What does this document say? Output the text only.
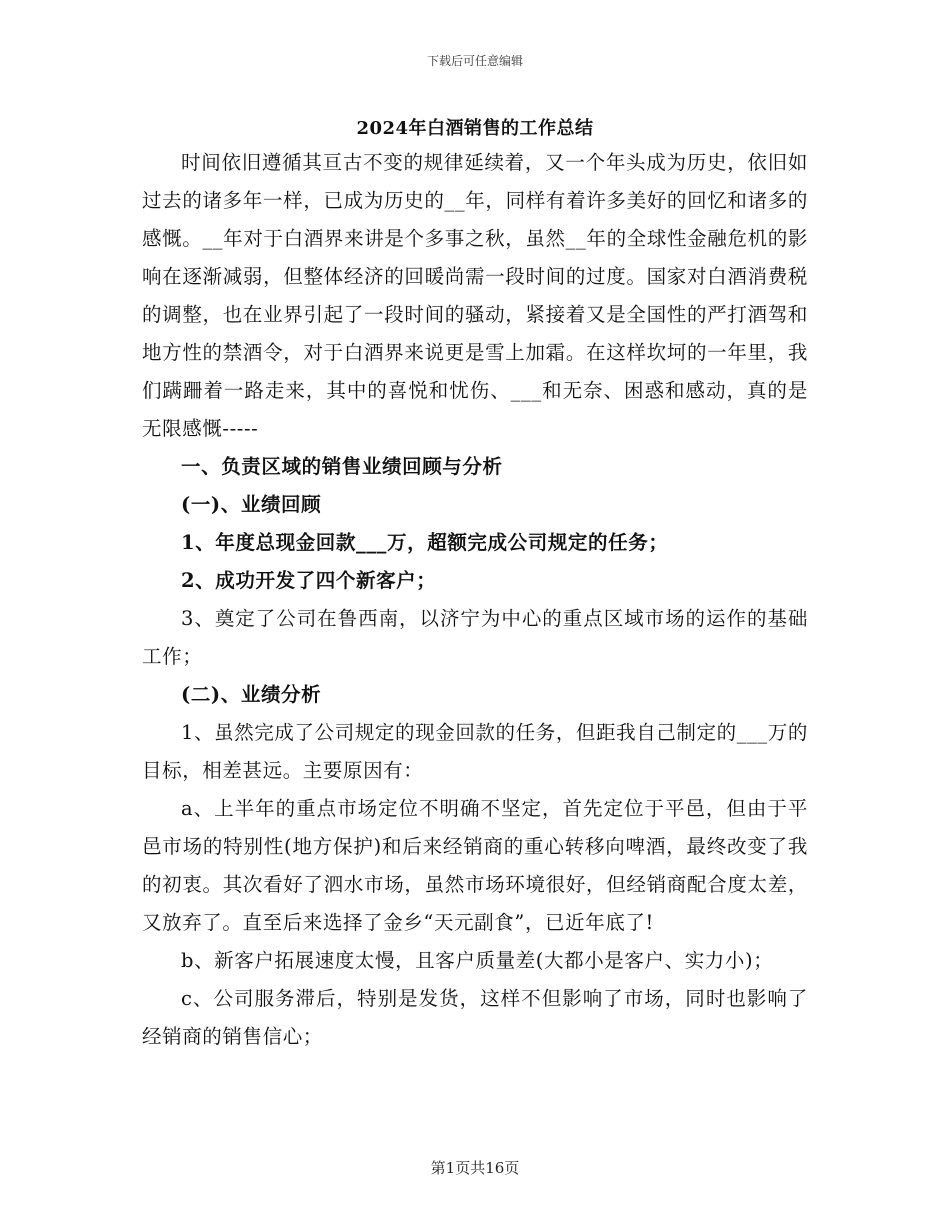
下载后可任意编辑
2024年白酒销售的工作总结

时间依旧遵循其亘古不变的规律延续着，又一个年头成为历史，依旧如过去的诸多年一样，已成为历史的__年，同样有着许多美好的回忆和诸多的感慨。__年对于白酒界来讲是个多事之秋，虽然__年的全球性金融危机的影响在逐渐减弱，但整体经济的回暖尚需一段时间的过度。国家对白酒消费税的调整，也在业界引起了一段时间的骚动，紧接着又是全国性的严打酒驾和地方性的禁酒令，对于白酒界来说更是雪上加霜。在这样坎坷的一年里，我们蹒跚着一路走来，其中的喜悦和忧伤、___和无奈、困惑和感动，真的是无限感慨-----

一、负责区域的销售业绩回顾与分析

(一)、业绩回顾

1、年度总现金回款___万，超额完成公司规定的任务；

2、成功开发了四个新客户；

3、奠定了公司在鲁西南，以济宁为中心的重点区域市场的运作的基础工作；

(二)、业绩分析

1、虽然完成了公司规定的现金回款的任务，但距我自己制定的___万的目标，相差甚远。主要原因有：

a、上半年的重点市场定位不明确不坚定，首先定位于平邑，但由于平邑市场的特别性(地方保护)和后来经销商的重心转移向啤酒，最终改变了我的初衷。其次看好了泗水市场，虽然市场环境很好，但经销商配合度太差，又放弃了。直至后来选择了金乡“天元副食”，已近年底了!

b、新客户拓展速度太慢，且客户质量差(大都小是客户、实力小)；

c、公司服务滞后，特别是发货，这样不但影响了市场，同时也影响了经销商的销售信心；

第1页共16页
